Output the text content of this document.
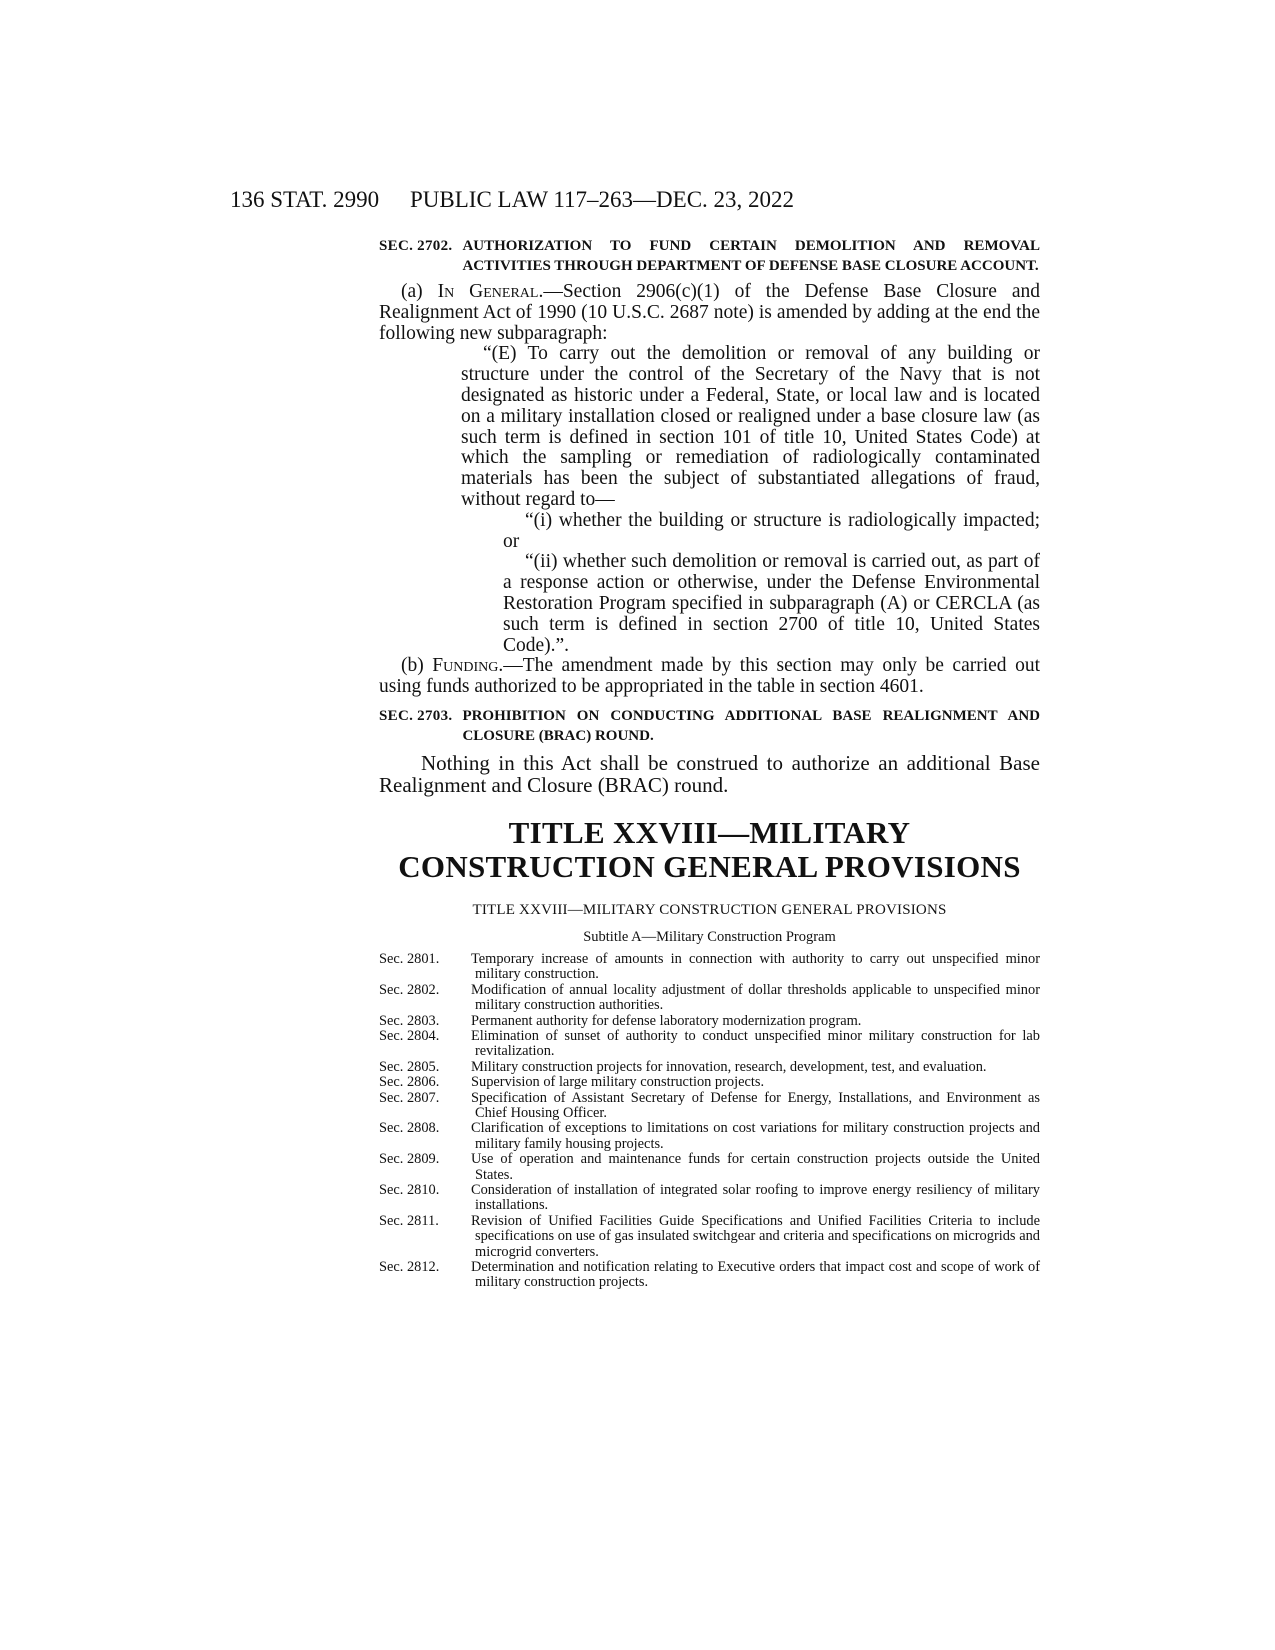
136 STAT. 2990 PUBLIC LAW 117–263—DEC. 23, 2022
SEC. 2702. AUTHORIZATION TO FUND CERTAIN DEMOLITION AND REMOVAL ACTIVITIES THROUGH DEPARTMENT OF DEFENSE BASE CLOSURE ACCOUNT.

(a) In General.—Section 2906(c)(1) of the Defense Base Closure and Realignment Act of 1990 (10 U.S.C. 2687 note) is amended by adding at the end the following new subparagraph:

“(E) To carry out the demolition or removal of any building or structure under the control of the Secretary of the Navy that is not designated as historic under a Federal, State, or local law and is located on a military installation closed or realigned under a base closure law (as such term is defined in section 101 of title 10, United States Code) at which the sampling or remediation of radiologically contaminated materials has been the subject of substantiated allegations of fraud, without regard to—

“(i) whether the building or structure is radiologically impacted; or

“(ii) whether such demolition or removal is carried out, as part of a response action or otherwise, under the Defense Environmental Restoration Program specified in subparagraph (A) or CERCLA (as such term is defined in section 2700 of title 10, United States Code).”.

(b) Funding.—The amendment made by this section may only be carried out using funds authorized to be appropriated in the table in section 4601.

SEC. 2703. PROHIBITION ON CONDUCTING ADDITIONAL BASE REALIGNMENT AND CLOSURE (BRAC) ROUND.

Nothing in this Act shall be construed to authorize an additional Base Realignment and Closure (BRAC) round.

TITLE XXVIII—MILITARY
CONSTRUCTION GENERAL PROVISIONS
TITLE XXVIII—MILITARY CONSTRUCTION GENERAL PROVISIONS
Subtitle A—Military Construction Program
Sec. 2801.	Temporary increase of amounts in connection with authority to carry out unspecified minor military construction.
Sec. 2802.	Modification of annual locality adjustment of dollar thresholds applicable to unspecified minor military construction authorities.
Sec. 2803.	Permanent authority for defense laboratory modernization program.
Sec. 2804.	Elimination of sunset of authority to conduct unspecified minor military construction for lab revitalization.
Sec. 2805.	Military construction projects for innovation, research, development, test, and evaluation.
Sec. 2806.	Supervision of large military construction projects.
Sec. 2807.	Specification of Assistant Secretary of Defense for Energy, Installations, and Environment as Chief Housing Officer.
Sec. 2808.	Clarification of exceptions to limitations on cost variations for military construction projects and military family housing projects.
Sec. 2809.	Use of operation and maintenance funds for certain construction projects outside the United States.
Sec. 2810.	Consideration of installation of integrated solar roofing to improve energy resiliency of military installations.
Sec. 2811.	Revision of Unified Facilities Guide Specifications and Unified Facilities Criteria to include specifications on use of gas insulated switchgear and criteria and specifications on microgrids and microgrid converters.
Sec. 2812.	Determination and notification relating to Executive orders that impact cost and scope of work of military construction projects.
